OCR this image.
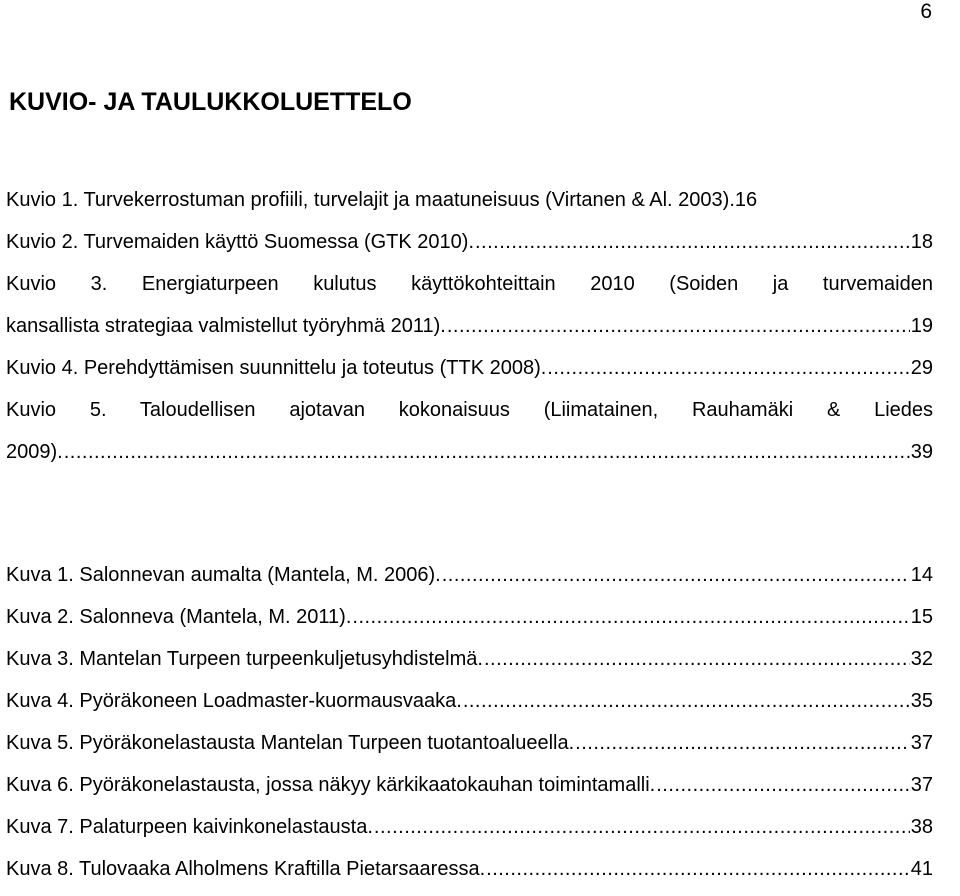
6
KUVIO- JA TAULUKKOLUETTELO
Kuvio 1. Turvekerrostuman profiili, turvelajit ja maatuneisuus (Virtanen & Al. 2003). 16
Kuvio 2. Turvemaiden käyttö Suomessa (GTK 2010). .....	18
Kuvio 3. Energiaturpeen kulutus käyttökohteittain 2010 (Soiden ja turvemaiden
kansallista strategiaa valmistellut työryhmä 2011). .....	19
Kuvio 4. Perehdyttämisen suunnittelu ja toteutus (TTK 2008). .....	29
Kuvio 5. Taloudellisen ajotavan kokonaisuus (Liimatainen, Rauhamäki & Liedes
2009). .....	39
Kuva 1. Salonnevan aumalta (Mantela, M. 2006). .....	14
Kuva 2. Salonneva (Mantela, M. 2011). .....	15
Kuva 3. Mantelan Turpeen turpeenkuljetusyhdistelmä. .....	32
Kuva 4. Pyöräkoneen Loadmaster-kuormausvaaka. .....	35
Kuva 5. Pyöräkonelastausta Mantelan Turpeen tuotantoalueella. .....	37
Kuva 6. Pyöräkonelastausta, jossa näkyy kärkikaatokauhan toimintamalli. .....	37
Kuva 7. Palaturpeen kaivinkonelastausta. .....	38
Kuva 8. Tulovaaka Alholmens Kraftilla Pietarsaaressa. .....	41
